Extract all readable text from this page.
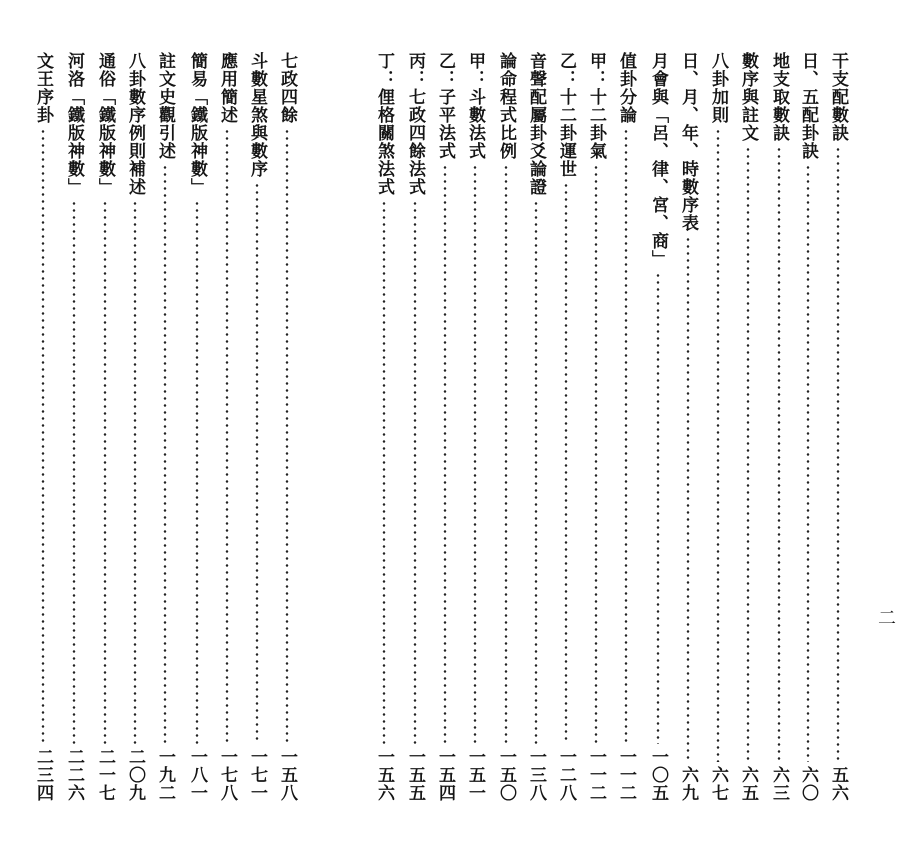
干支配數訣
五六
日、五配卦訣
六〇
地支取數訣
六三
數序與註文
六五
八卦加則
六七
日、月、年、時數序表
六九
月會與「呂、律、宮、商」
一〇五
值卦分論
一一二
甲：十二卦氣
一一二
乙：十二卦運世
一二八
音聲配屬卦爻論證
一三八
論命程式比例
一五〇
甲：斗數法式
一五一
乙：子平法式
一五四
丙：七政四餘法式
一五五
丁：俚格關煞法式
一五六
七政四餘
一五八
斗數星煞與數序
一七一
應用簡述
一七八
簡易「鐵版神數」
一八一
註文史觀引述
一九二
八卦數序例則補述
二〇九
通俗「鐵版神數」
二一七
河洛「鐵版神數」
二二六
文王序卦
二三四
二
